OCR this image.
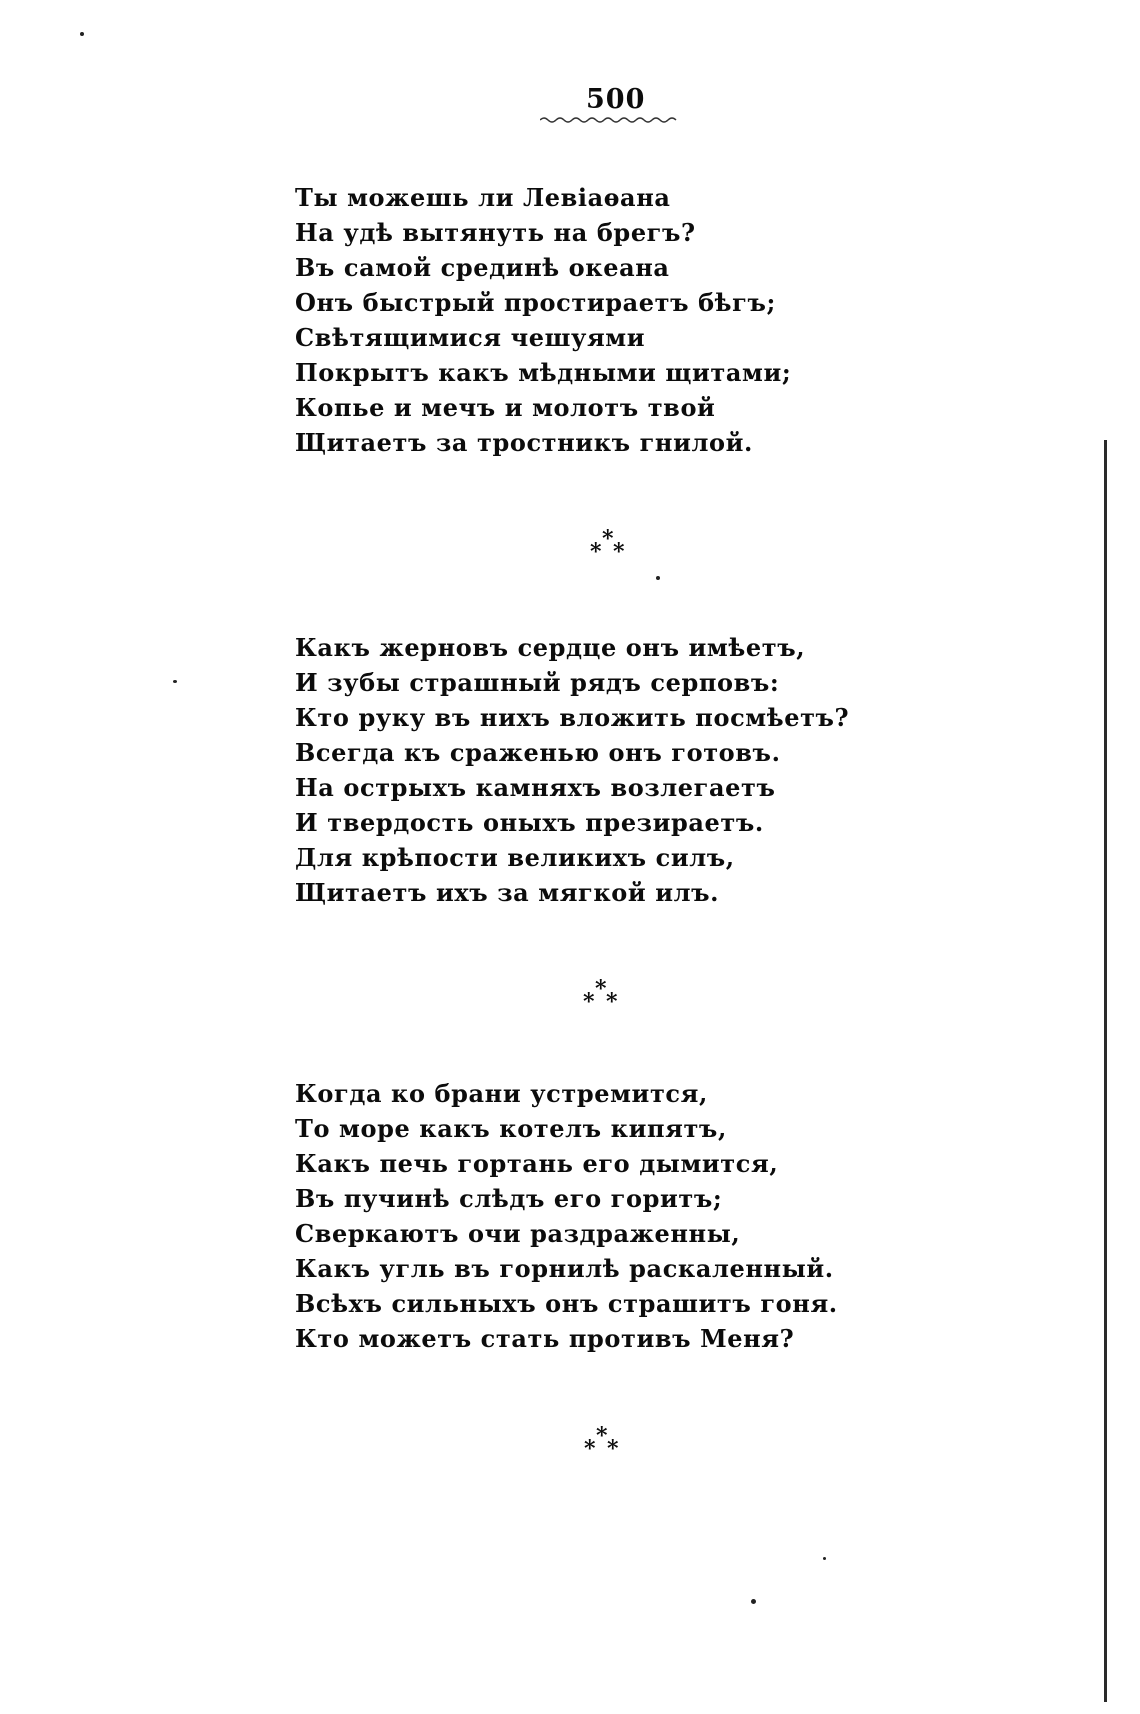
500
Ты можешь ли Левіаѳана
На удѣ вытянуть на брегъ?
Въ самой срединѣ океана
Онъ быстрый простираетъ бѣгъ;
Свѣтящимися чешуями
Покрытъ какъ мѣдными щитами;
Копье и мечъ и молотъ твой
Щитаетъ за тростникъ гнилой.
*
* *
Какъ жерновъ сердце онъ имѣетъ,
И зубы страшный рядъ серповъ:
Кто руку въ нихъ вложить посмѣетъ?
Всегда къ сраженью онъ готовъ.
На острыхъ камняхъ возлегаетъ
И твердость оныхъ презираетъ.
Для крѣпости великихъ силъ,
Щитаетъ ихъ за мягкой илъ.
*
* *
Когда ко брани устремится,
То море какъ котелъ кипятъ,
Какъ печь гортань его дымится,
Въ пучинѣ слѣдъ его горитъ;
Сверкаютъ очи раздраженны,
Какъ угль въ горнилѣ раскаленный.
Всѣхъ сильныхъ онъ страшитъ гоня.
Кто можетъ стать противъ Меня?
*
* *
